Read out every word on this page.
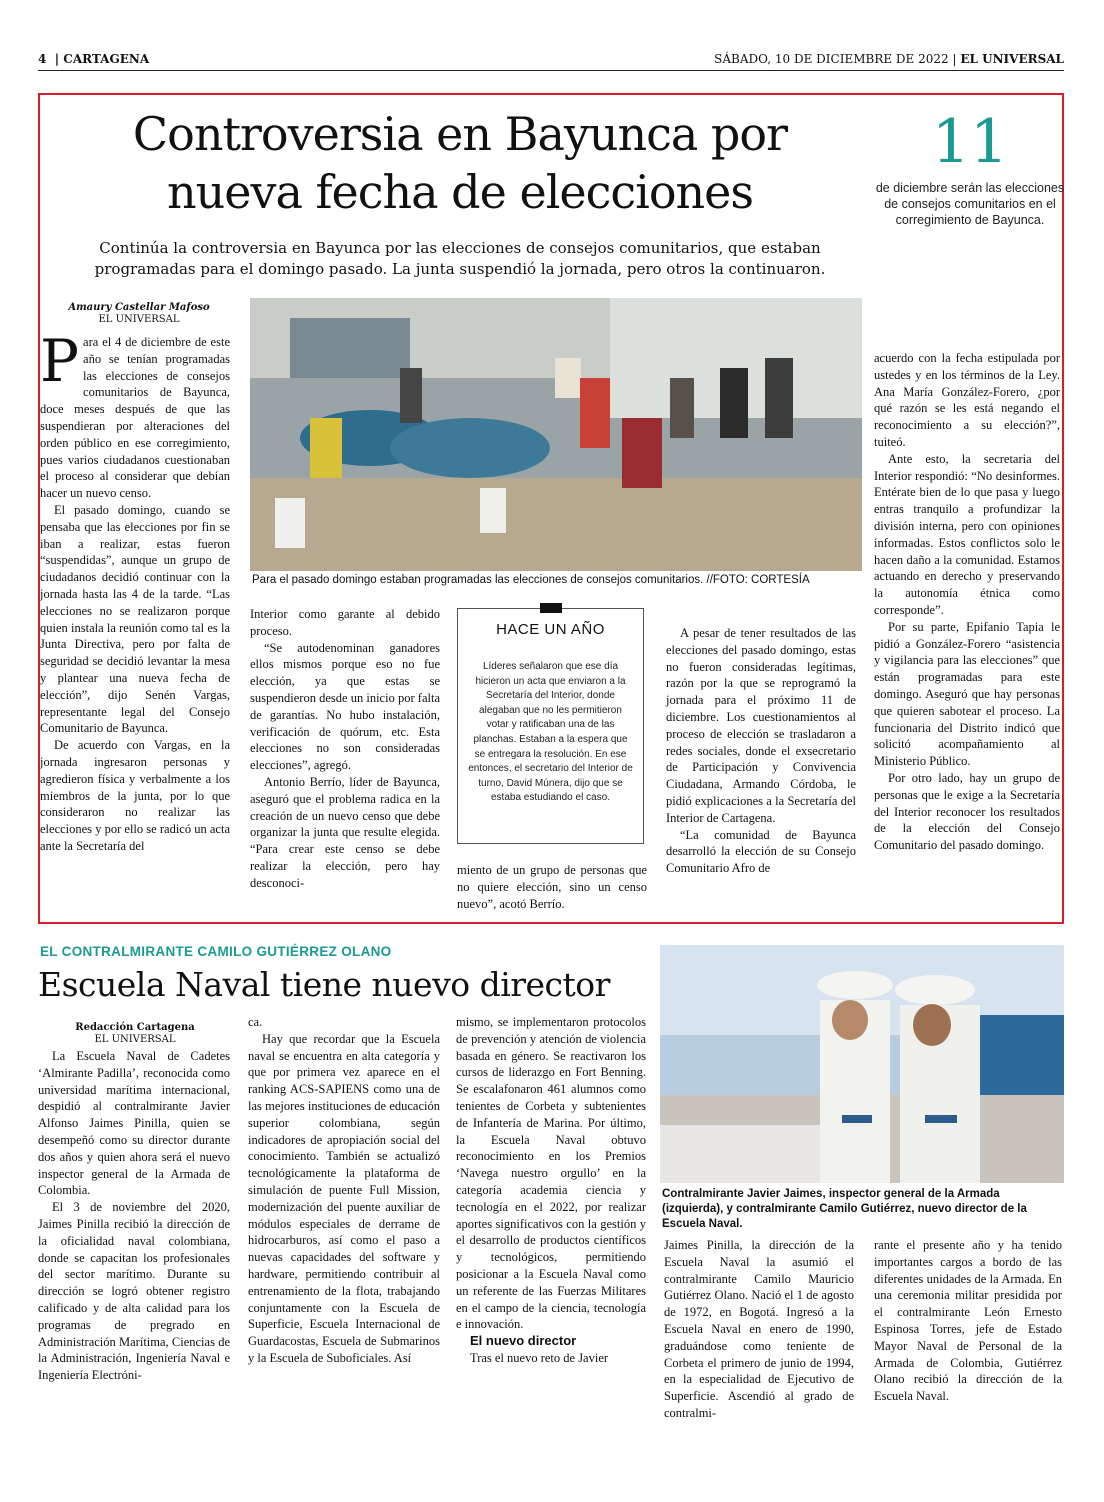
4  | CARTAGENA	SÁBADO, 10 DE DICIEMBRE DE 2022 | EL UNIVERSAL
Controversia en Bayunca por
nueva fecha de elecciones
11
de diciembre serán las elecciones de consejos comunitarios en el corregimiento de Bayunca.
Continúa la controversia en Bayunca por las elecciones de consejos comunitarios, que estaban programadas para el domingo pasado. La junta suspendió la jornada, pero otros la continuaron.
Amaury Castellar Mafoso
EL UNIVERSAL

Para el 4 de diciembre de este año se tenían programadas las elecciones de consejos comunitarios de Bayunca, doce meses después de que las suspendieran por alteraciones del orden público en ese corregimiento, pues varios ciudadanos cuestionaban el proceso al considerar que debían hacer un nuevo censo.

El pasado domingo, cuando se pensaba que las elecciones por fin se iban a realizar, estas fueron “suspendidas”, aunque un grupo de ciudadanos decidió continuar con la jornada hasta las 4 de la tarde. “Las elecciones no se realizaron porque quien instala la reunión como tal es la Junta Directiva, pero por falta de seguridad se decidió levantar la mesa y plantear una nueva fecha de elección”, dijo Senén Vargas, representante legal del Consejo Comunitario de Bayunca.

De acuerdo con Vargas, en la jornada ingresaron personas y agredieron física y verbalmente a los miembros de la junta, por lo que consideraron no realizar las elecciones y por ello se radicó un acta ante la Secretaría del

Para el pasado domingo estaban programadas las elecciones de consejos comunitarios. //FOTO: CORTESÍA

Interior como garante al debido proceso.

“Se autodenominan ganadores ellos mismos porque eso no fue elección, ya que estas se suspendieron desde un inicio por falta de garantías. No hubo instalación, verificación de quórum, etc. Esta elecciones no son consideradas elecciones”, agregó.

Antonio Berrío, líder de Bayunca, aseguró que el problema radica en la creación de un nuevo censo que debe organizar la junta que resulte elegida. “Para crear este censo se debe realizar la elección, pero hay desconoci-

HACE UN AÑO
Líderes señalaron que ese día hicieron un acta que enviaron a la Secretaría del Interior, donde alegaban que no les permitieron votar y ratificaban una de las planchas. Estaban a la espera que se entregara la resolución. En ese entonces, el secretario del Interior de turno, David Múnera, dijo que se estaba estudiando el caso.

miento de un grupo de personas que no quiere elección, sino un censo nuevo”, acotó Berrío.

A pesar de tener resultados de las elecciones del pasado domingo, estas no fueron consideradas legítimas, razón por la que se reprogramó la jornada para el próximo 11 de diciembre. Los cuestionamientos al proceso de elección se trasladaron a redes sociales, donde el exsecretario de Participación y Convivencia Ciudadana, Armando Córdoba, le pidió explicaciones a la Secretaría del Interior de Cartagena.

“La comunidad de Bayunca desarrolló la elección de su Consejo Comunitario Afro de

acuerdo con la fecha estipulada por ustedes y en los términos de la Ley. Ana María González-Forero, ¿por qué razón se les está negando el reconocimiento a su elección?”, tuiteó.

Ante esto, la secretaria del Interior respondió: “No desinformes. Entérate bien de lo que pasa y luego entras tranquilo a profundizar la división interna, pero con opiniones informadas. Estos conflictos solo le hacen daño a la comunidad. Estamos actuando en derecho y preservando la autonomía étnica como corresponde”.

Por su parte, Epifanio Tapia le pidió a González-Forero “asistencia y vigilancia para las elecciones” que están programadas para este domingo. Aseguró que hay personas que quieren sabotear el proceso. La funcionaria del Distrito indicó que solicitó acompañamiento al Ministerio Público.

Por otro lado, hay un grupo de personas que le exige a la Secretaría del Interior reconocer los resultados de la elección del Consejo Comunitario del pasado domingo.

EL CONTRALMIRANTE CAMILO GUTIÉRREZ OLANO
Escuela Naval tiene nuevo director
Redacción Cartagena
EL UNIVERSAL

La Escuela Naval de Cadetes ‘Almirante Padilla’, reconocida como universidad marítima internacional, despidió al contralmirante Javier Alfonso Jaimes Pinilla, quien se desempeñó como su director durante dos años y quien ahora será el nuevo inspector general de la Armada de Colombia.

El 3 de noviembre del 2020, Jaimes Pinilla recibió la dirección de la oficialidad naval colombiana, donde se capacitan los profesionales del sector marítimo. Durante su dirección se logró obtener registro calificado y de alta calidad para los programas de pregrado en Administración Marítima, Ciencias de la Administración, Ingeniería Naval e Ingeniería Electróni-

ca.

Hay que recordar que la Escuela naval se encuentra en alta categoría y que por primera vez aparece en el ranking ACS-SAPIENS como una de las mejores instituciones de educación superior colombiana, según indicadores de apropiación social del conocimiento. También se actualizó tecnológicamente la plataforma de simulación de puente Full Mission, modernización del puente auxiliar de módulos especiales de derrame de hidrocarburos, así como el paso a nuevas capacidades del software y hardware, permitiendo contribuir al entrenamiento de la flota, trabajando conjuntamente con la Escuela de Superficie, Escuela Internacional de Guardacostas, Escuela de Submarinos y la Escuela de Suboficiales. Así

mismo, se implementaron protocolos de prevención y atención de violencia basada en género. Se reactivaron los cursos de liderazgo en Fort Benning. Se escalafonaron 461 alumnos como tenientes de Corbeta y subtenientes de Infantería de Marina. Por último, la Escuela Naval obtuvo reconocimiento en los Premios ‘Navega nuestro orgullo’ en la categoría academia ciencia y tecnología en el 2022, por realizar aportes significativos con la gestión y el desarrollo de productos científicos y tecnológicos, permitiendo posicionar a la Escuela Naval como un referente de las Fuerzas Militares en el campo de la ciencia, tecnología e innovación.

El nuevo director

Tras el nuevo reto de Javier

Contralmirante Javier Jaimes, inspector general de la Armada (izquierda), y contralmirante Camilo Gutiérrez, nuevo director de la Escuela Naval.

Jaimes Pinilla, la dirección de la Escuela Naval la asumió el contralmirante Camilo Mauricio Gutiérrez Olano. Nació el 1 de agosto de 1972, en Bogotá. Ingresó a la Escuela Naval en enero de 1990, graduándose como teniente de Corbeta el primero de junio de 1994, en la especialidad de Ejecutivo de Superficie. Ascendió al grado de contralmi-

rante el presente año y ha tenido importantes cargos a bordo de las diferentes unidades de la Armada. En una ceremonia militar presidida por el contralmirante León Ernesto Espinosa Torres, jefe de Estado Mayor Naval de Personal de la Armada de Colombia, Gutiérrez Olano recibió la dirección de la Escuela Naval.
